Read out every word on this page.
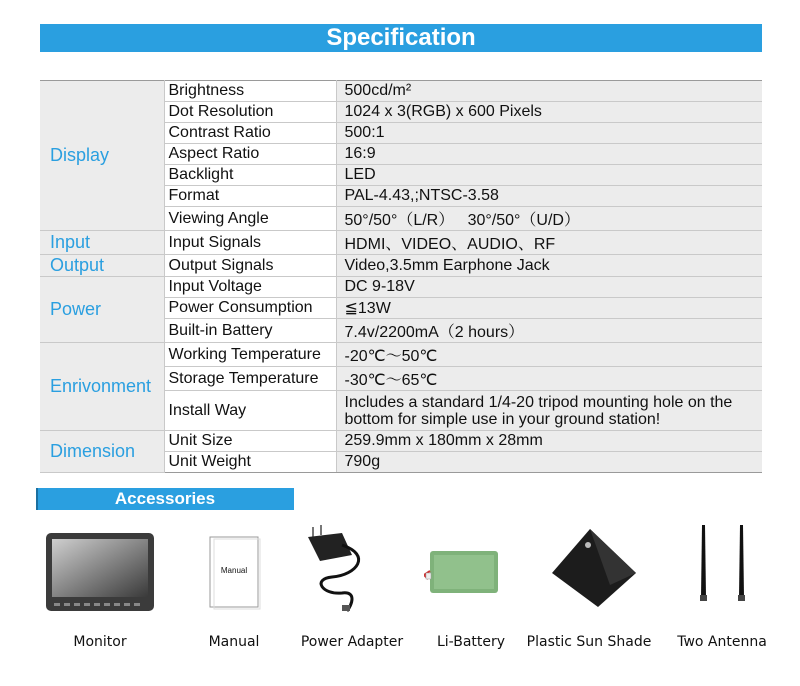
Specification
Display	Brightness	500cd/m²
	Dot Resolution	1024 x 3(RGB) x 600 Pixels
	Contrast Ratio	500:1
	Aspect Ratio	16:9
	Backlight	LED
	Format	PAL-4.43,;NTSC-3.58
	Viewing Angle	50°/50°（L/R）   30°/50°（U/D）
Input	Input Signals	HDMI、VIDEO、AUDIO、RF
Output	Output Signals	Video,3.5mm Earphone Jack
Power	Input Voltage	DC 9-18V
	Power Consumption	≦13W
	Built-in Battery	7.4v/2200mA（2 hours）
Enrivonment	Working Temperature	-20℃～50℃
	Storage Temperature	-30℃～65℃
	Install Way	Includes a standard 1/4-20 tripod mounting hole on the bottom for simple use in your ground station!
Dimension	Unit Size	259.9mm x 180mm x 28mm
	Unit Weight	790g
Accessories
Manual
Monitor	Manual	Power Adapter	Li-Battery	Plastic Sun Shade	Two Antenna
